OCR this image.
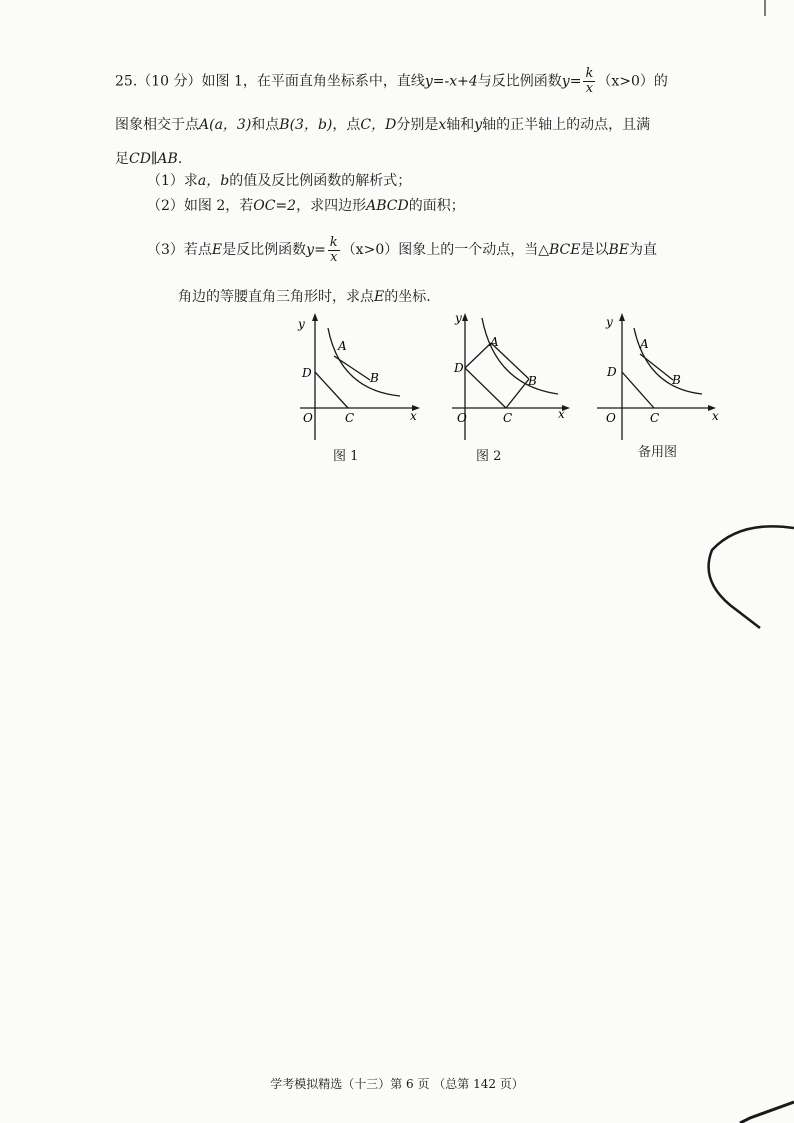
25.（10 分）如图 1，在平面直角坐标系中，直线y=-x+4与反比例函数$y= \frac{k}{x} (x>0)$的
图象相交于点A(a，3)和点B(3，b)，点C，D分别是x轴和y轴的正半轴上的动点，且满
足CD∥AB.
（1）求a，b的值及反比例函数的解析式；
（2）如图 2，若OC=2，求四边形ABCD的面积；
（3）若点E是反比例函数$y= \frac{k}{x} (x>0)$图象上的一个动点，当△BCE是以BE为直
角边的等腰直角三角形时，求点E的坐标.
y
x
O
D
C
A
B
图 1
y
x
O
D
C
A
B
图 2
y
x
O
D
C
A
B
备用图
学考模拟精选（十三）第 6 页 （总第 142 页）
